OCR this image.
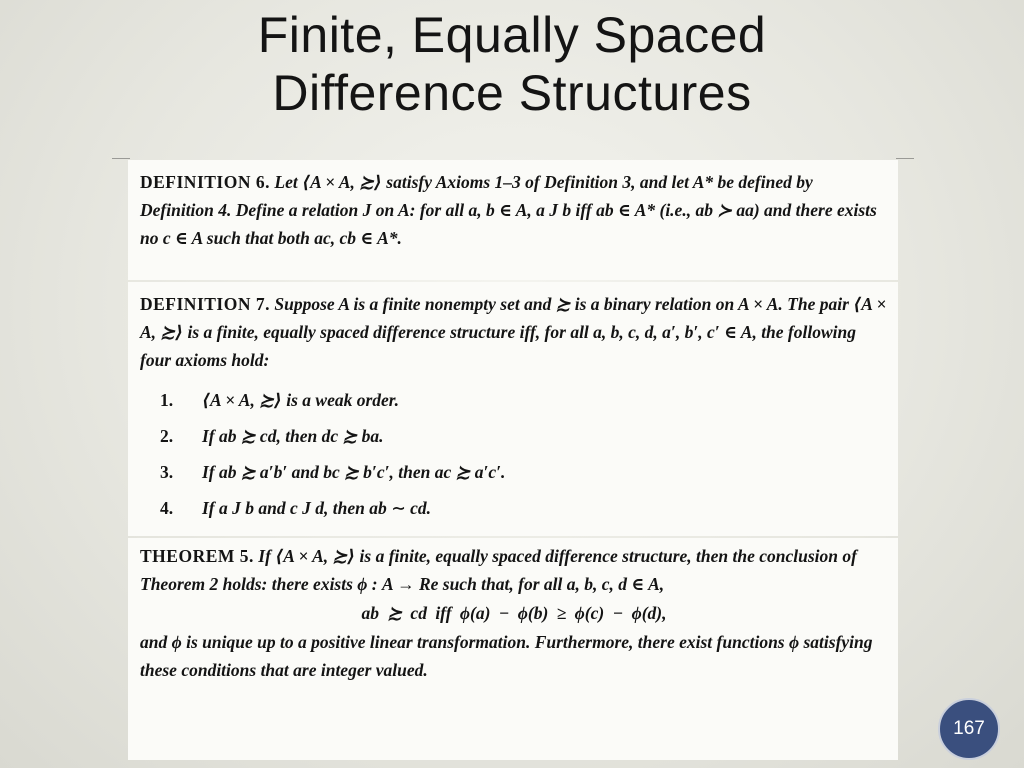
Finite, Equally Spaced
Difference Structures

DEFINITION 6. Let ⟨A × A, ≿⟩ satisfy Axioms 1–3 of Definition 3, and let A* be defined by Definition 4. Define a relation J on A: for all a, b ∈ A, a J b iff ab ∈ A* (i.e., ab ≻ aa) and there exists no c ∈ A such that both ac, cb ∈ A*.

DEFINITION 7. Suppose A is a finite nonempty set and ≿ is a binary relation on A × A. The pair ⟨A × A, ≿⟩ is a finite, equally spaced difference structure iff, for all a, b, c, d, a′, b′, c′ ∈ A, the following four axioms hold:

1.	⟨A × A, ≿⟩ is a weak order.
2.	If ab ≿ cd, then dc ≿ ba.
3.	If ab ≿ a′b′ and bc ≿ b′c′, then ac ≿ a′c′.
4.	If a J b and c J d, then ab ∼ cd.

THEOREM 5. If ⟨A × A, ≿⟩ is a finite, equally spaced difference structure, then the conclusion of Theorem 2 holds: there exists ϕ : A → Re such that, for all a, b, c, d ∈ A,

ab ≿ cd iff ϕ(a) − ϕ(b) ≥ ϕ(c) − ϕ(d),

and ϕ is unique up to a positive linear transformation. Furthermore, there exist functions ϕ satisfying these conditions that are integer valued.

167
